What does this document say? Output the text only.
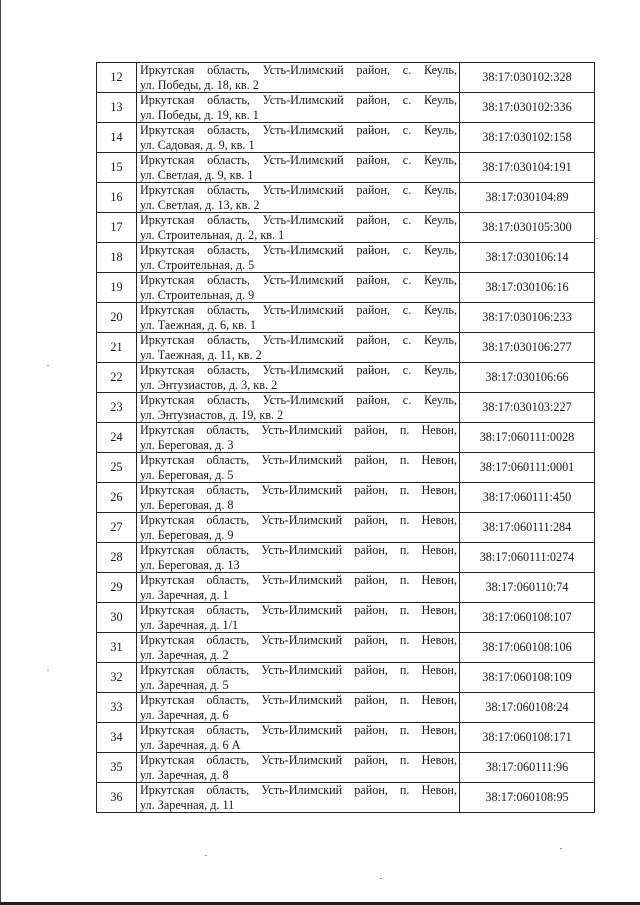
12	Иркутская область, Усть-Илимский район, с. Кеуль,
ул. Победы, д. 18, кв. 2	38:17:030102:328
13	Иркутская область, Усть-Илимский район, с. Кеуль,
ул. Победы, д. 19, кв. 1	38:17:030102:336
14	Иркутская область, Усть-Илимский район, с. Кеуль,
ул. Садовая, д. 9, кв. 1	38:17:030102:158
15	Иркутская область, Усть-Илимский район, с. Кеуль,
ул. Светлая, д. 9, кв. 1	38:17:030104:191
16	Иркутская область, Усть-Илимский район, с. Кеуль,
ул. Светлая, д. 13, кв. 2	38:17:030104:89
17	Иркутская область, Усть-Илимский район, с. Кеуль,
ул. Строительная, д. 2, кв. 1	38:17:030105:300
18	Иркутская область, Усть-Илимский район, с. Кеуль,
ул. Строительная, д. 5	38:17:030106:14
19	Иркутская область, Усть-Илимский район, с. Кеуль,
ул. Строительная, д. 9	38:17:030106:16
20	Иркутская область, Усть-Илимский район, с. Кеуль,
ул. Таежная, д. 6, кв. 1	38:17:030106:233
21	Иркутская область, Усть-Илимский район, с. Кеуль,
ул. Таежная, д. 11, кв. 2	38:17:030106:277
22	Иркутская область, Усть-Илимский район, с. Кеуль,
ул. Энтузиастов, д. 3, кв. 2	38:17:030106:66
23	Иркутская область, Усть-Илимский район, с. Кеуль,
ул. Энтузиастов, д. 19, кв. 2	38:17:030103:227
24	Иркутская область, Усть-Илимский район, п. Невон,
ул. Береговая, д. 3	38:17:060111:0028
25	Иркутская область, Усть-Илимский район, п. Невон,
ул. Береговая, д. 5	38:17:060111:0001
26	Иркутская область, Усть-Илимский район, п. Невон,
ул. Береговая, д. 8	38:17:060111:450
27	Иркутская область, Усть-Илимский район, п. Невон,
ул. Береговая, д. 9	38:17:060111:284
28	Иркутская область, Усть-Илимский район, п. Невон,
ул. Береговая, д. 13	38:17:060111:0274
29	Иркутская область, Усть-Илимский район, п. Невон,
ул. Заречная, д. 1	38:17:060110:74
30	Иркутская область, Усть-Илимский район, п. Невон,
ул. Заречная, д. 1/1	38:17:060108:107
31	Иркутская область, Усть-Илимский район, п. Невон,
ул. Заречная, д. 2	38:17:060108:106
32	Иркутская область, Усть-Илимский район, п. Невон,
ул. Заречная, д. 5	38:17:060108:109
33	Иркутская область, Усть-Илимский район, п. Невон,
ул. Заречная, д. 6	38:17:060108:24
34	Иркутская область, Усть-Илимский район, п. Невон,
ул. Заречная, д. 6 А	38:17:060108:171
35	Иркутская область, Усть-Илимский район, п. Невон,
ул. Заречная, д. 8	38:17:060111:96
36	Иркутская область, Усть-Илимский район, п. Невон,
ул. Заречная, д. 11	38:17:060108:95
